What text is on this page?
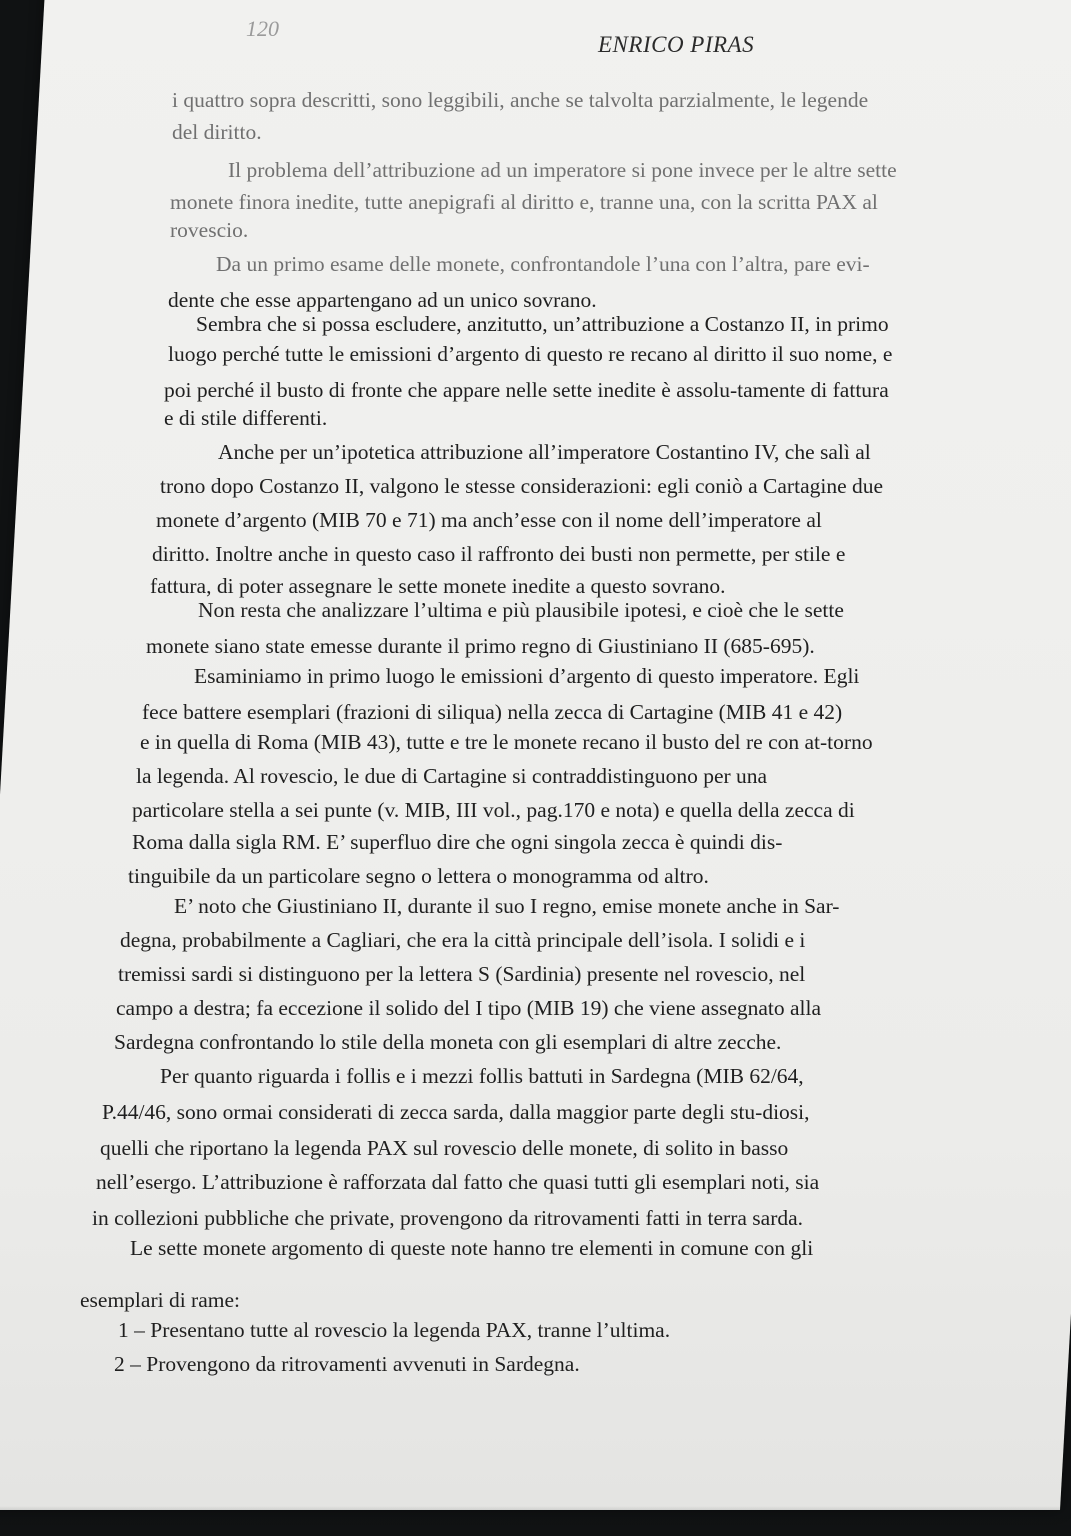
120
ENRICO PIRAS
i quattro sopra descritti, sono leggibili, anche se talvolta parzialmente, le legende
del diritto.
Il problema dell’attribuzione ad un imperatore si pone invece per le altre sette
monete finora inedite, tutte anepigrafi al diritto e, tranne una, con la scritta PAX al
rovescio.
Da un primo esame delle monete, confrontandole l’una con l’altra, pare evi-
dente che esse appartengano ad un unico sovrano.
Sembra che si possa escludere, anzitutto, un’attribuzione a Costanzo II, in primo
luogo perché tutte le emissioni d’argento di questo re recano al diritto il suo nome, e
poi perché il busto di fronte che appare nelle sette inedite è assolu-tamente di fattura
e di stile differenti.
Anche per un’ipotetica attribuzione all’imperatore Costantino IV, che salì al
trono dopo Costanzo II, valgono le stesse considerazioni: egli coniò a Cartagine due
monete d’argento (MIB 70 e 71) ma anch’esse con il nome dell’imperatore al
diritto. Inoltre anche in questo caso il raffronto dei busti non permette, per stile e
fattura, di poter assegnare le sette monete inedite a questo sovrano.
Non resta che analizzare l’ultima e più plausibile ipotesi, e cioè che le sette
monete siano state emesse durante il primo regno di Giustiniano II (685-695).
Esaminiamo in primo luogo le emissioni d’argento di questo imperatore. Egli
fece battere esemplari (frazioni di siliqua) nella zecca di Cartagine (MIB 41 e 42)
e in quella di Roma (MIB 43), tutte e tre le monete recano il busto del re con at-torno
la legenda. Al rovescio, le due di Cartagine si contraddistinguono per una
particolare stella a sei punte (v. MIB, III vol., pag.170 e nota) e quella della zecca di
Roma dalla sigla RM. E’ superfluo dire che ogni singola zecca è quindi dis-
tinguibile da un particolare segno o lettera o monogramma od altro.
E’ noto che Giustiniano II, durante il suo I regno, emise monete anche in Sar-
degna, probabilmente a Cagliari, che era la città principale dell’isola. I solidi e i
tremissi sardi si distinguono per la lettera S (Sardinia) presente nel rovescio, nel
campo a destra; fa eccezione il solido del I tipo (MIB 19) che viene assegnato alla
Sardegna confrontando lo stile della moneta con gli esemplari di altre zecche.
Per quanto riguarda i follis e i mezzi follis battuti in Sardegna (MIB 62/64,
P.44/46, sono ormai considerati di zecca sarda, dalla maggior parte degli stu-diosi,
quelli che riportano la legenda PAX sul rovescio delle monete, di solito in basso
nell’esergo. L’attribuzione è rafforzata dal fatto che quasi tutti gli esemplari noti, sia
in collezioni pubbliche che private, provengono da ritrovamenti fatti in terra sarda.
Le sette monete argomento di queste note hanno tre elementi in comune con gli
esemplari di rame:
1 – Presentano tutte al rovescio la legenda PAX, tranne l’ultima.
2 – Provengono da ritrovamenti avvenuti in Sardegna.
